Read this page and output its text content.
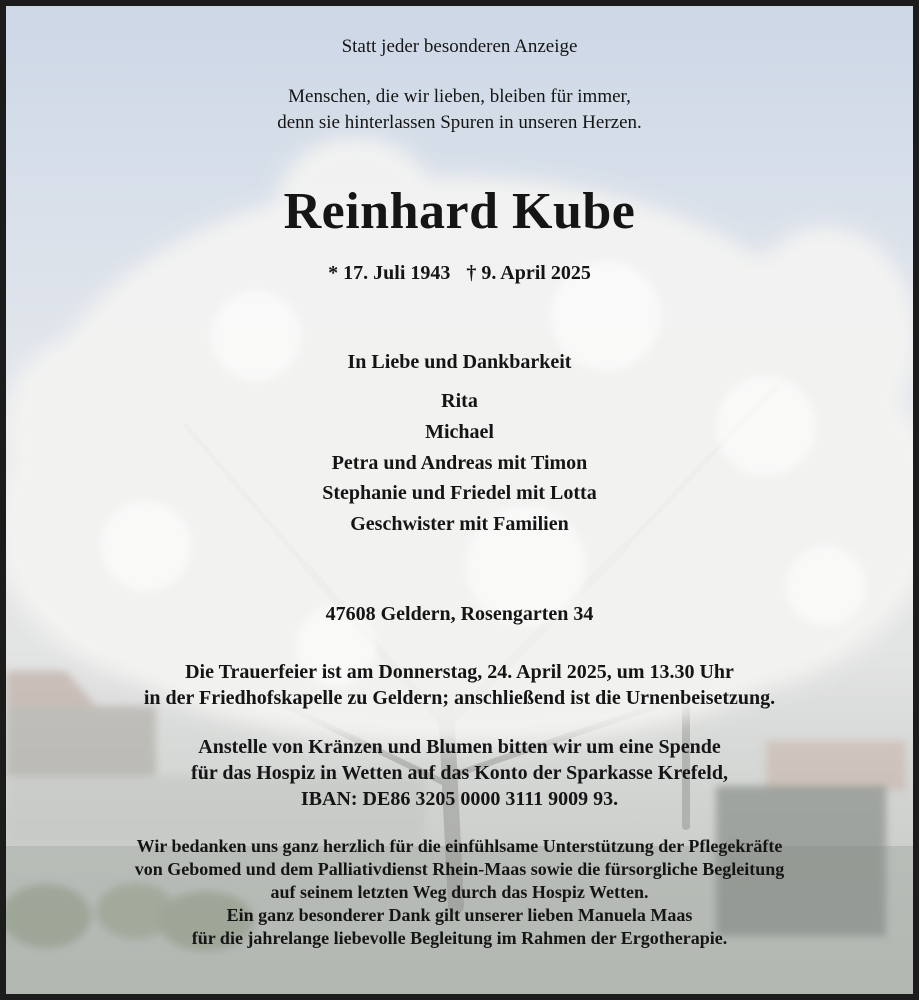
Statt jeder besonderen Anzeige
Menschen, die wir lieben, bleiben für immer,
denn sie hinterlassen Spuren in unseren Herzen.
Reinhard Kube
* 17. Juli 1943 † 9. April 2025
In Liebe und Dankbarkeit
Rita
Michael
Petra und Andreas mit Timon
Stephanie und Friedel mit Lotta
Geschwister mit Familien
47608 Geldern, Rosengarten 34
Die Trauerfeier ist am Donnerstag, 24. April 2025, um 13.30 Uhr
in der Friedhofskapelle zu Geldern; anschließend ist die Urnenbeisetzung.
Anstelle von Kränzen und Blumen bitten wir um eine Spende
für das Hospiz in Wetten auf das Konto der Sparkasse Krefeld,
IBAN: DE86 3205 0000 3111 9009 93.
Wir bedanken uns ganz herzlich für die einfühlsame Unterstützung der Pflegekräfte
von Gebomed und dem Palliativdienst Rhein-Maas sowie die fürsorgliche Begleitung
auf seinem letzten Weg durch das Hospiz Wetten.
Ein ganz besonderer Dank gilt unserer lieben Manuela Maas
für die jahrelange liebevolle Begleitung im Rahmen der Ergotherapie.
